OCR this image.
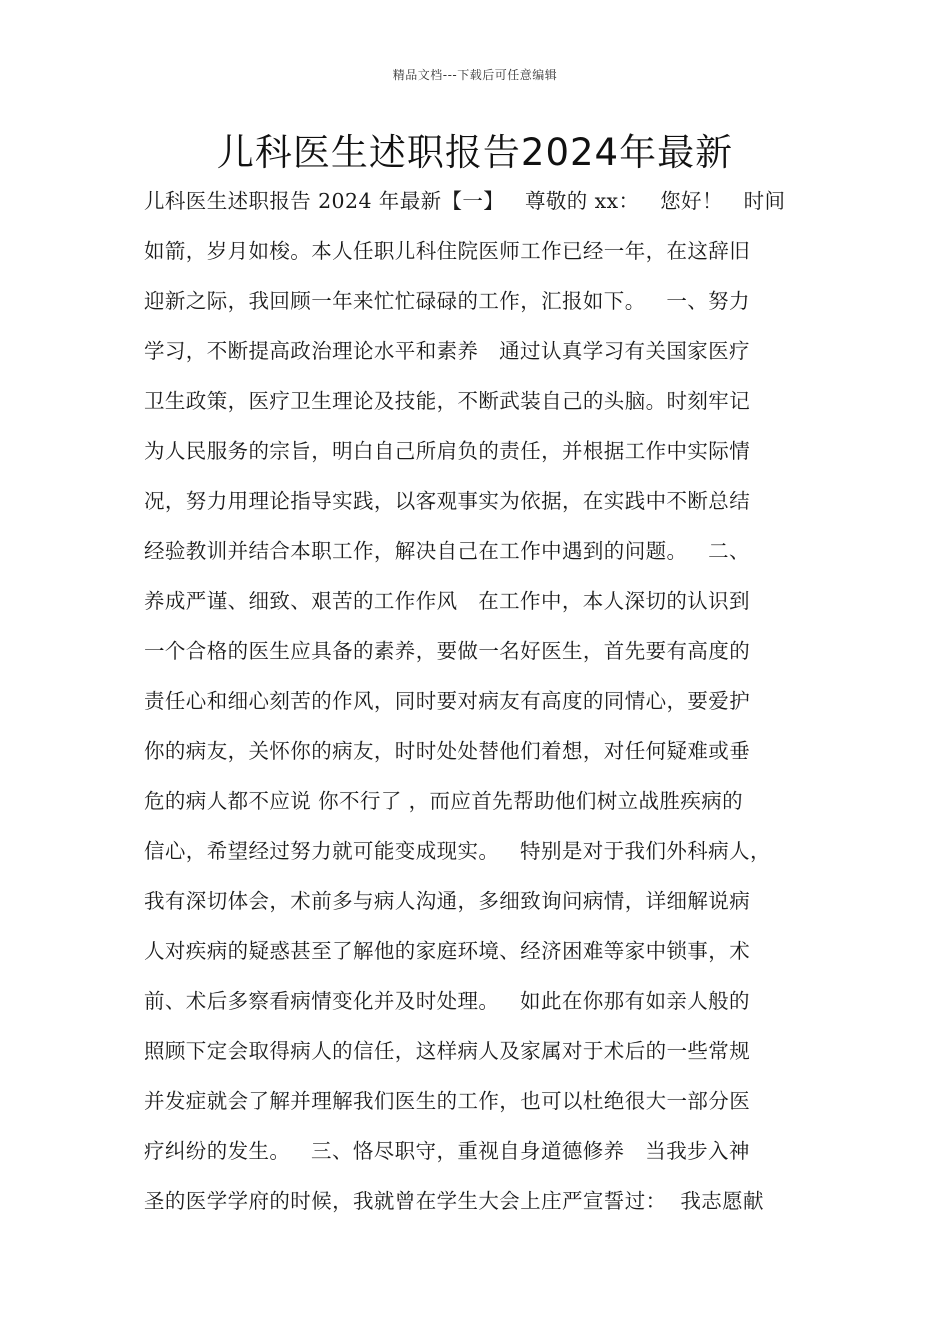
精品文档---下载后可任意编辑
儿科医生述职报告2024年最新
儿科医生述职报告 2024 年最新【一】   尊敬的 xx：   您好！   时间
如箭，岁月如梭。本人任职儿科住院医师工作已经一年，在这辞旧
迎新之际，我回顾一年来忙忙碌碌的工作，汇报如下。   一、努力
学习，不断提高政治理论水平和素养   通过认真学习有关国家医疗
卫生政策，医疗卫生理论及技能，不断武装自己的头脑。时刻牢记
为人民服务的宗旨，明白自己所肩负的责任，并根据工作中实际情
况，努力用理论指导实践，以客观事实为依据，在实践中不断总结
经验教训并结合本职工作，解决自己在工作中遇到的问题。   二、
养成严谨、细致、艰苦的工作作风   在工作中，本人深切的认识到
一个合格的医生应具备的素养，要做一名好医生，首先要有高度的
责任心和细心刻苦的作风，同时要对病友有高度的同情心，要爱护
你的病友，关怀你的病友，时时处处替他们着想，对任何疑难或垂
危的病人都不应说 你不行了 ，而应首先帮助他们树立战胜疾病的
信心，希望经过努力就可能变成现实。   特别是对于我们外科病人，
我有深切体会，术前多与病人沟通，多细致询问病情，详细解说病
人对疾病的疑惑甚至了解他的家庭环境、经济困难等家中锁事，术
前、术后多察看病情变化并及时处理。   如此在你那有如亲人般的
照顾下定会取得病人的信任，这样病人及家属对于术后的一些常规
并发症就会了解并理解我们医生的工作，也可以杜绝很大一部分医
疗纠纷的发生。   三、恪尽职守，重视自身道德修养   当我步入神
圣的医学学府的时候，我就曾在学生大会上庄严宣誓过：  我志愿献
